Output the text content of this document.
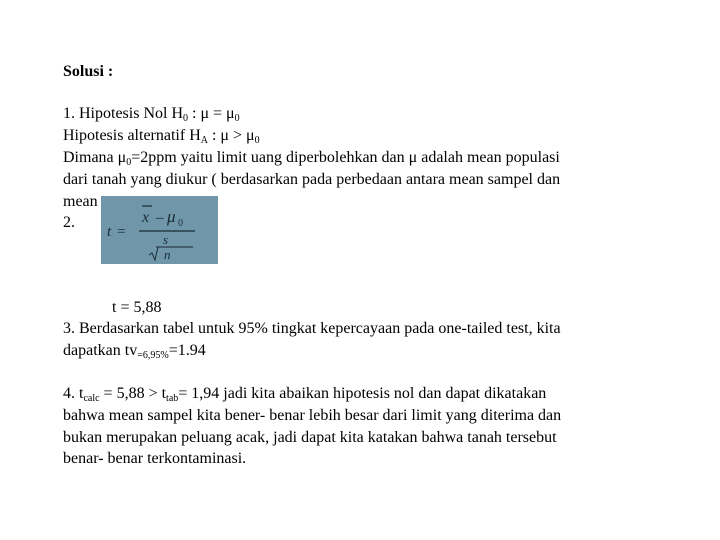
Solusi :
1. Hipotesis Nol $H_0$ : $\mu = \mu_0$
Hipotesis alternatif $H_A$ : $\mu > \mu_0$
Dimana $\mu_0=2ppm$ yaitu limit uang diperbolehkan dan μ adalah mean populasi
dari tanah yang diukur ( berdasarkan pada perbedaan antara mean sampel dan
mean
2.
t =
x – μ 0
s
n
t = 5,88
3. Berdasarkan tabel untuk 95% tingkat kepercayaan pada one-tailed test, kita
dapatkan $tv_{=6,95\%}=1.94$
4. $t_{calc} = 5,88 > t_{tab}= 1,94$ jadi kita abaikan hipotesis nol dan dapat dikatakan
bahwa mean sampel kita bener- benar lebih besar dari limit yang diterima dan
bukan merupakan peluang acak, jadi dapat kita katakan bahwa tanah tersebut
benar- benar terkontaminasi.
